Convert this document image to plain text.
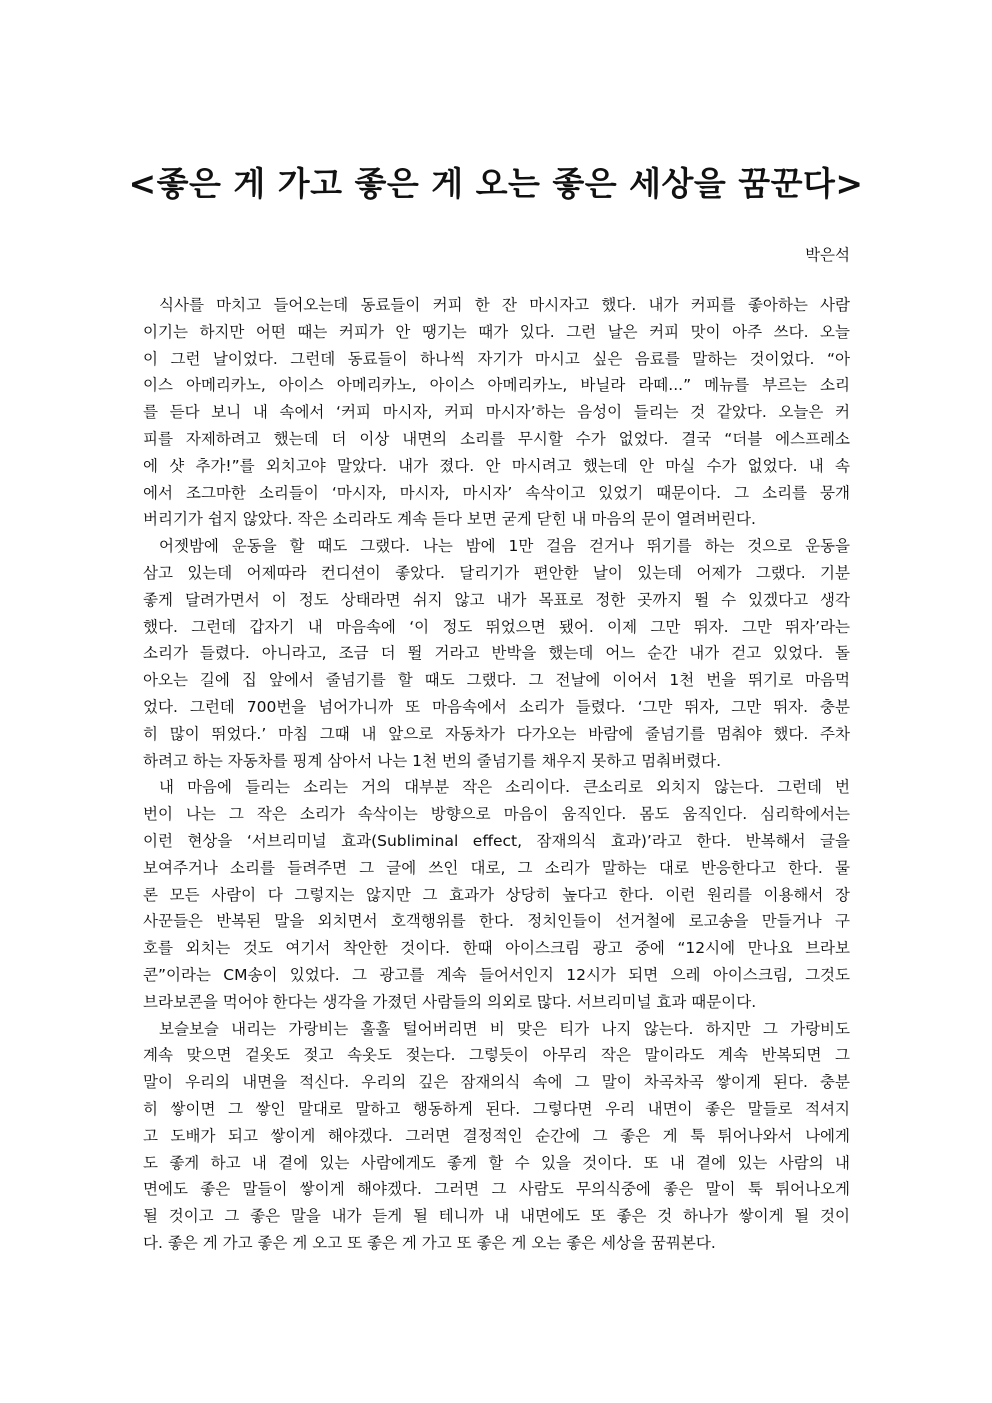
<좋은 게 가고 좋은 게 오는 좋은 세상을 꿈꾼다>
박은석
식사를 마치고 들어오는데 동료들이 커피 한 잔 마시자고 했다. 내가 커피를 좋아하는 사람
이기는 하지만 어떤 때는 커피가 안 땡기는 때가 있다. 그런 날은 커피 맛이 아주 쓰다. 오늘
이 그런 날이었다. 그런데 동료들이 하나씩 자기가 마시고 싶은 음료를 말하는 것이었다. “아
이스 아메리카노, 아이스 아메리카노, 아이스 아메리카노, 바닐라 라떼...” 메뉴를 부르는 소리
를 듣다 보니 내 속에서 ‘커피 마시자, 커피 마시자’하는 음성이 들리는 것 같았다. 오늘은 커
피를 자제하려고 했는데 더 이상 내면의 소리를 무시할 수가 없었다. 결국 “더블 에스프레소
에 샷 추가!”를 외치고야 말았다. 내가 졌다. 안 마시려고 했는데 안 마실 수가 없었다. 내 속
에서 조그마한 소리들이 ‘마시자, 마시자, 마시자’ 속삭이고 있었기 때문이다. 그 소리를 뭉개
버리기가 쉽지 않았다. 작은 소리라도 계속 듣다 보면 굳게 닫힌 내 마음의 문이 열려버린다.
어젯밤에 운동을 할 때도 그랬다. 나는 밤에 1만 걸음 걷거나 뛰기를 하는 것으로 운동을
삼고 있는데 어제따라 컨디션이 좋았다. 달리기가 편안한 날이 있는데 어제가 그랬다. 기분
좋게 달려가면서 이 정도 상태라면 쉬지 않고 내가 목표로 정한 곳까지 뛸 수 있겠다고 생각
했다. 그런데 갑자기 내 마음속에 ‘이 정도 뛰었으면 됐어. 이제 그만 뛰자. 그만 뛰자’라는
소리가 들렸다. 아니라고, 조금 더 뛸 거라고 반박을 했는데 어느 순간 내가 걷고 있었다. 돌
아오는 길에 집 앞에서 줄넘기를 할 때도 그랬다. 그 전날에 이어서 1천 번을 뛰기로 마음먹
었다. 그런데 700번을 넘어가니까 또 마음속에서 소리가 들렸다. ‘그만 뛰자, 그만 뛰자. 충분
히 많이 뛰었다.’ 마침 그때 내 앞으로 자동차가 다가오는 바람에 줄넘기를 멈춰야 했다. 주차
하려고 하는 자동차를 핑계 삼아서 나는 1천 번의 줄넘기를 채우지 못하고 멈춰버렸다.
내 마음에 들리는 소리는 거의 대부분 작은 소리이다. 큰소리로 외치지 않는다. 그런데 번
번이 나는 그 작은 소리가 속삭이는 방향으로 마음이 움직인다. 몸도 움직인다. 심리학에서는
이런 현상을 ‘서브리미널 효과(Subliminal effect, 잠재의식 효과)’라고 한다. 반복해서 글을
보여주거나 소리를 들려주면 그 글에 쓰인 대로, 그 소리가 말하는 대로 반응한다고 한다. 물
론 모든 사람이 다 그렇지는 않지만 그 효과가 상당히 높다고 한다. 이런 원리를 이용해서 장
사꾼들은 반복된 말을 외치면서 호객행위를 한다. 정치인들이 선거철에 로고송을 만들거나 구
호를 외치는 것도 여기서 착안한 것이다. 한때 아이스크림 광고 중에 “12시에 만나요 브라보
콘”이라는 CM송이 있었다. 그 광고를 계속 들어서인지 12시가 되면 으레 아이스크림, 그것도
브라보콘을 먹어야 한다는 생각을 가졌던 사람들의 의외로 많다. 서브리미널 효과 때문이다.
보슬보슬 내리는 가랑비는 훌훌 털어버리면 비 맞은 티가 나지 않는다. 하지만 그 가랑비도
계속 맞으면 겉옷도 젖고 속옷도 젖는다. 그렇듯이 아무리 작은 말이라도 계속 반복되면 그
말이 우리의 내면을 적신다. 우리의 깊은 잠재의식 속에 그 말이 차곡차곡 쌓이게 된다. 충분
히 쌓이면 그 쌓인 말대로 말하고 행동하게 된다. 그렇다면 우리 내면이 좋은 말들로 적셔지
고 도배가 되고 쌓이게 해야겠다. 그러면 결정적인 순간에 그 좋은 게 툭 튀어나와서 나에게
도 좋게 하고 내 곁에 있는 사람에게도 좋게 할 수 있을 것이다. 또 내 곁에 있는 사람의 내
면에도 좋은 말들이 쌓이게 해야겠다. 그러면 그 사람도 무의식중에 좋은 말이 툭 튀어나오게
될 것이고 그 좋은 말을 내가 듣게 될 테니까 내 내면에도 또 좋은 것 하나가 쌓이게 될 것이
다. 좋은 게 가고 좋은 게 오고 또 좋은 게 가고 또 좋은 게 오는 좋은 세상을 꿈꿔본다.
